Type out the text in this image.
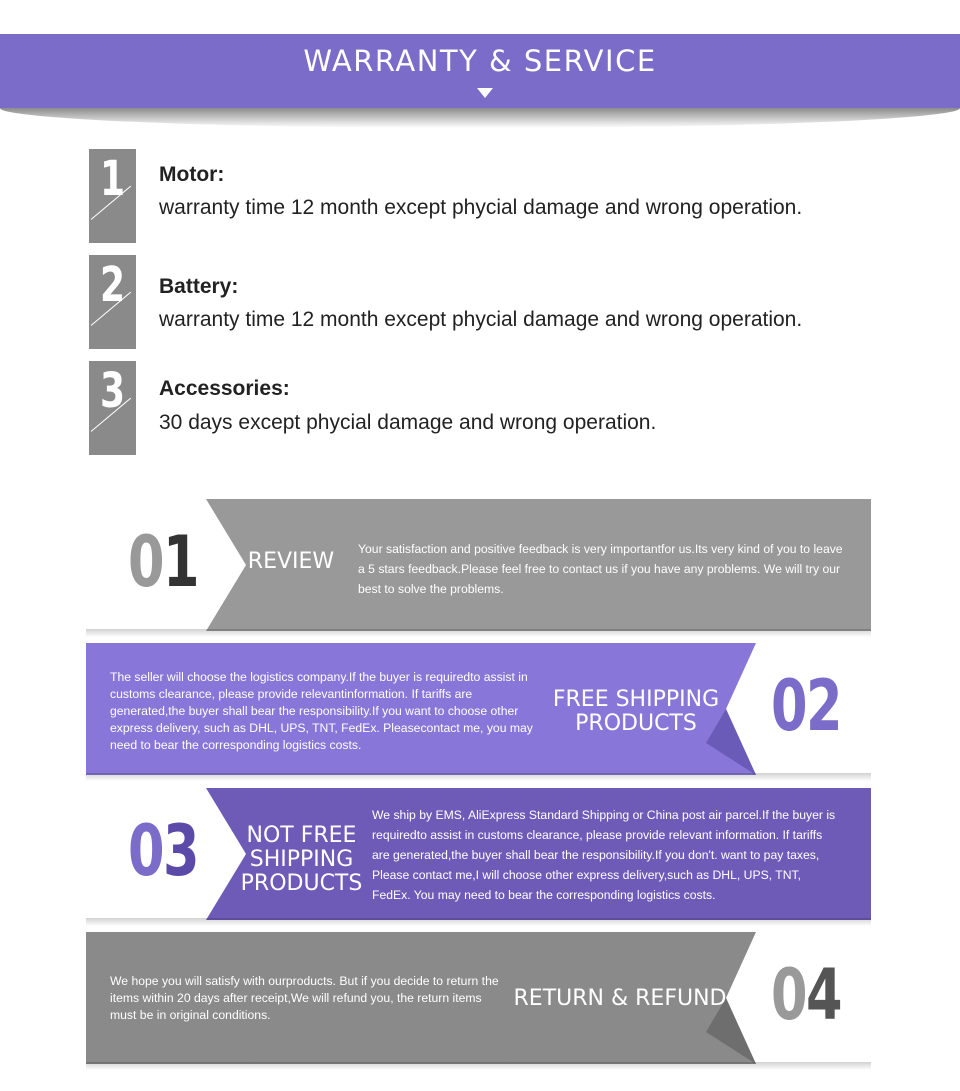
WARRANTY & SERVICE
1 Motor:
warranty time 12 month except phycial damage and wrong operation.
2 Battery:
warranty time 12 month except phycial damage and wrong operation.
3 Accessories:
30 days except phycial damage and wrong operation.
01	REVIEW	Your satisfaction and positive feedback is very importantfor us.Its very kind of you to leave a 5 stars feedback.Please feel free to contact us if you have any problems. We will try our best to solve the problems.
The seller will choose the logistics company.If the buyer is requiredto assist in customs clearance, please provide relevantinformation. If tariffs are generated,the buyer shall bear the responsibility.If you want to choose other express delivery, such as DHL, UPS, TNT, FedEx. Pleasecontact me, you may need to bear the corresponding logistics costs.
FREE SHIPPING PRODUCTS	02
03	NOT FREE SHIPPING PRODUCTS
We ship by EMS, AliExpress Standard Shipping or China post air parcel.If the buyer is requiredto assist in customs clearance, please provide relevant information. If tariffs are generated,the buyer shall bear the responsibility.If you don't. want to pay taxes, Please contact me,I will choose other express delivery,such as DHL, UPS, TNT, FedEx. You may need to bear the corresponding logistics costs.
We hope you will satisfy with ourproducts. But if you decide to return the items within 20 days after receipt,We will refund you, the return items must be in original conditions.
RETURN & REFUND 04
